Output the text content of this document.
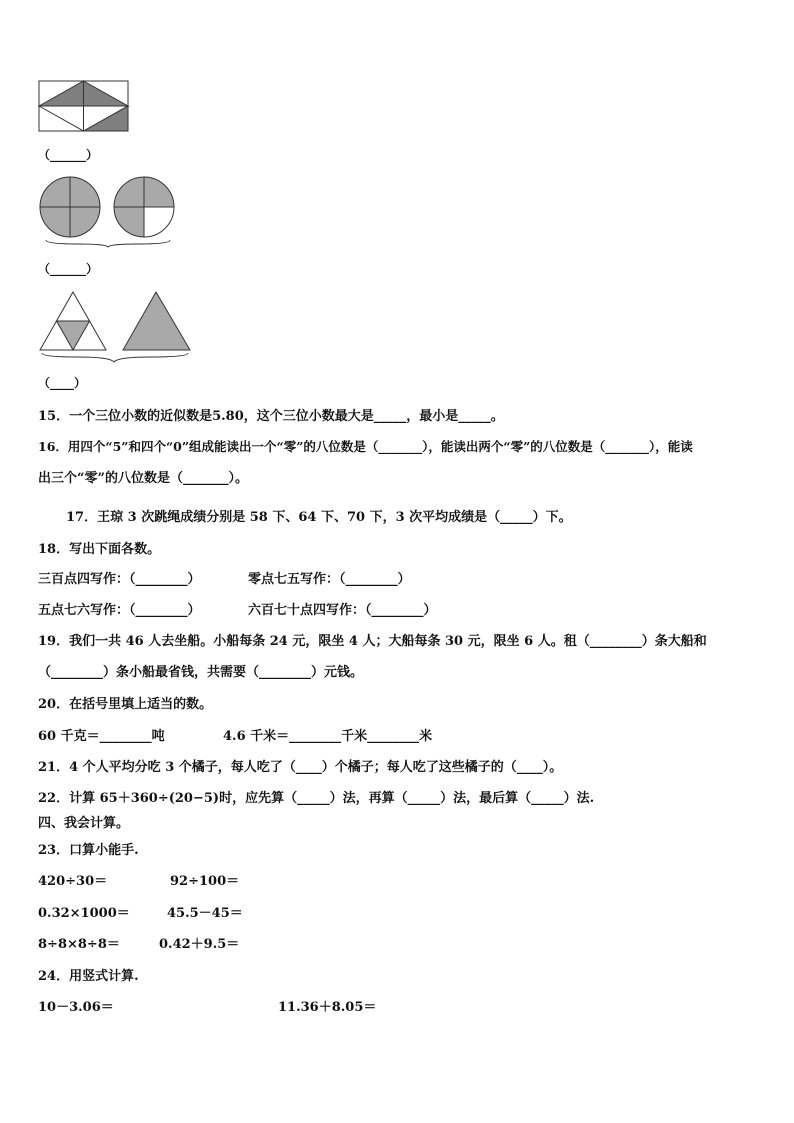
（______）
（______）
（____）
15．一个三位小数的近似数是5.80，这个三位小数最大是_____，最小是_____。
16．用四个“5”和四个“0”组成能读出一个“零”的八位数是（_______），能读出两个“零”的八位数是（_______），能读
出三个“零”的八位数是（_______）。
17．王琼 3 次跳绳成绩分别是 58 下、64 下、70 下，3 次平均成绩是（_____）下。
18．写出下面各数。
三百点四写作：（________）	零点七五写作：（________）
五点七六写作：（________）	六百七十点四写作：（________）
19．我们一共 46 人去坐船。小船每条 24 元，限坐 4 人；大船每条 30 元，限坐 6 人。租（________）条大船和
（________）条小船最省钱，共需要（________）元钱。
20．在括号里填上适当的数。
60 千克＝________吨	4.6 千米＝________千米________米
21．4 个人平均分吃 3 个橘子，每人吃了（____）个橘子；每人吃了这些橘子的（____）。
22．计算 65＋360÷(20−5)时，应先算（_____）法，再算（_____）法，最后算（_____）法.
四、我会计算。
23．口算小能手.
420÷30＝	92÷100＝
0.32×1000＝	45.5－45＝
8÷8×8÷8＝	0.42＋9.5＝
24．用竖式计算.
10－3.06＝	11.36＋8.05＝
